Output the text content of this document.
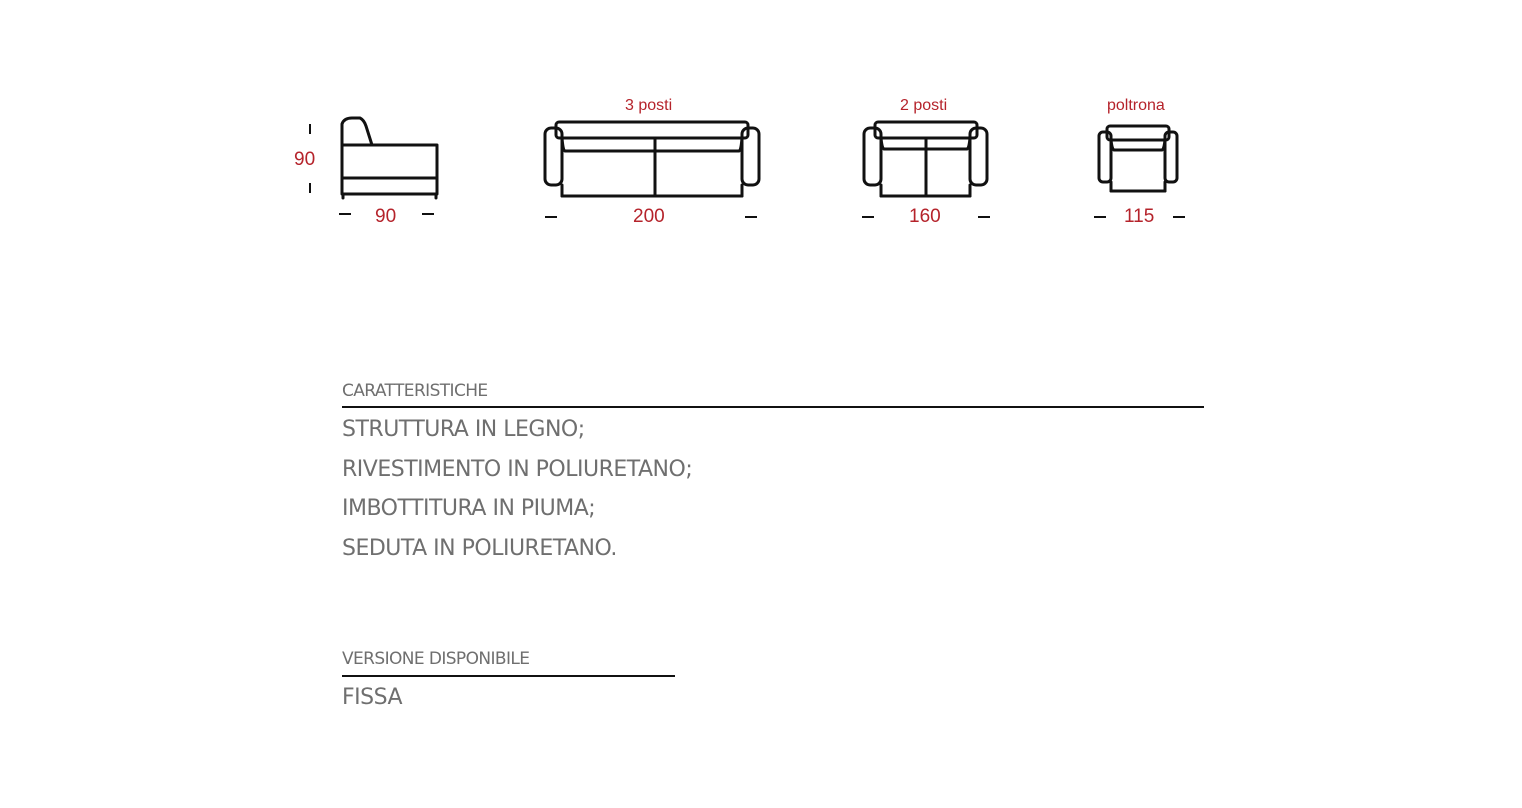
90
90
3 posti
200
2 posti
160
poltrona
115
CARATTERISTICHE
STRUTTURA IN LEGNO;
RIVESTIMENTO IN POLIURETANO;
IMBOTTITURA IN PIUMA;
SEDUTA IN POLIURETANO.
VERSIONE DISPONIBILE
FISSA
